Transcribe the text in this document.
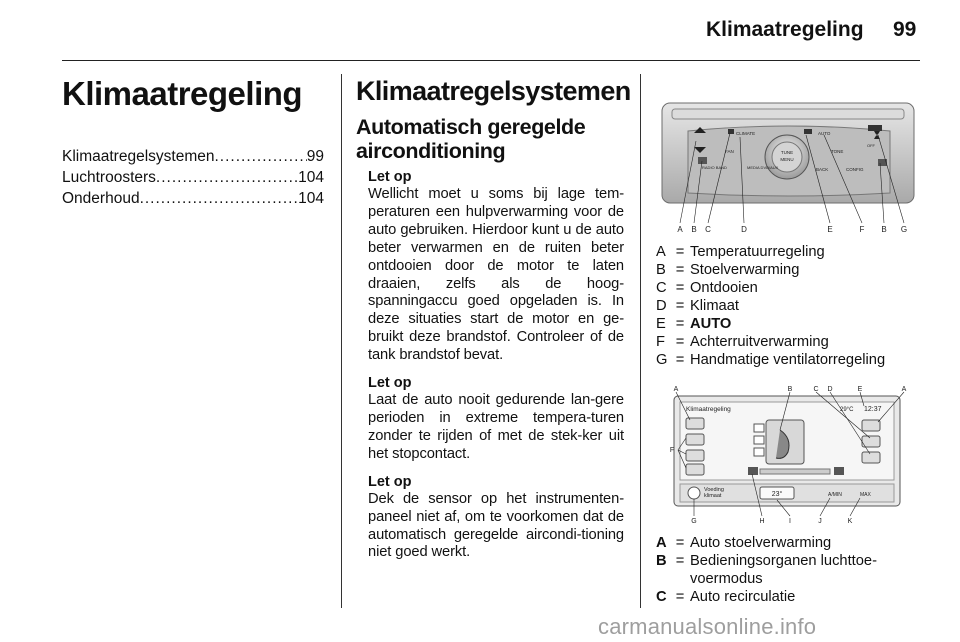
Klimaatregeling 99
Klimaatregeling
Klimaatregelsystemen .....	99
Luchtroosters .....	104
Onderhoud .....	104
Klimaatregelsystemen
Automatisch geregelde airconditioning
Let op

Wellicht moet u soms bij lage tem-peraturen een hulpverwarming voor de auto gebruiken. Hierdoor kunt u de auto beter verwarmen en de ruiten beter ontdooien door de motor te laten draaien, zelfs als de hoog-spanningaccu goed opgeladen is. In deze situaties start de motor en ge-bruikt deze brandstof. Controleer of de tank brandstof bevat.

Let op

Laat de auto nooit gedurende lan-gere perioden in extreme tempera-turen zonder te rijden of met de stek-ker uit het stopcontact.

Let op

Dek de sensor op het instrumenten-paneel niet af, om te voorkomen dat de automatisch geregelde aircondi-tioning niet goed werkt.

TUNE
MENU
CLIMATE	AUTO
FAN	TONE
RADIO BAND	MEDIA DVD/AUX	BACK	CONFIG
OFF
A B C	D	E	F B G
A = Temperatuurregeling
B = Stoelverwarming
C = Ontdooien
D = Klimaat
E = AUTO
F = Achterruitverwarming
G = Handmatige ventilatorregeling
Klimaatregeling	29°C 12:37
Voeding
klimaat	23°	A/MIN	MAX
A	B	C D	E	A
F
G	H	I	J	K
A = Auto stoelverwarming
B = Bedieningsorganen luchttoe-
voermodus
C = Auto recirculatie
carmanualsonline.info
